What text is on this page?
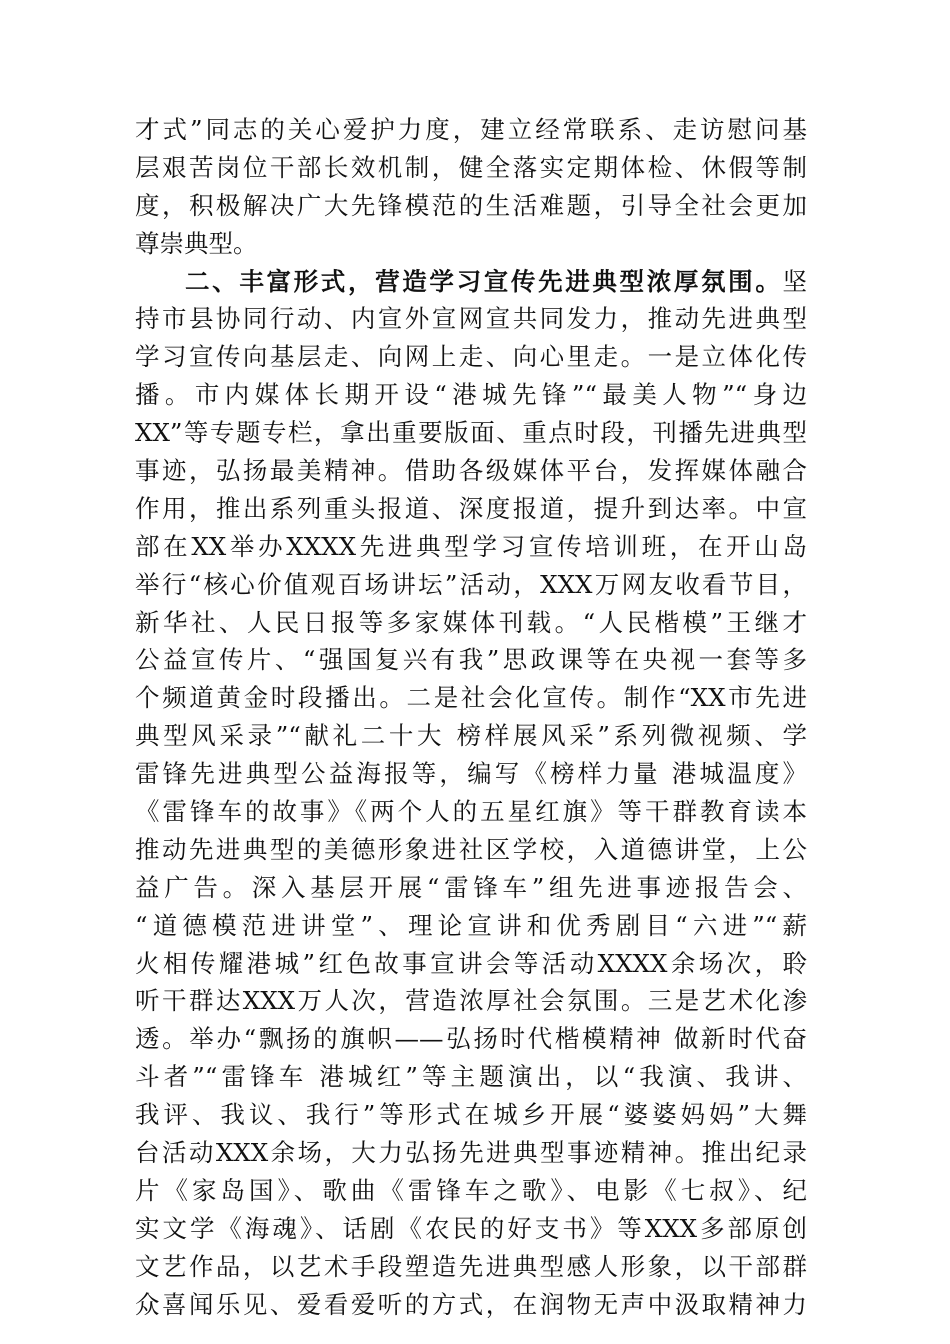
才式”同志的关心爱护力度，建立经常联系、走访慰问基
层艰苦岗位干部长效机制，健全落实定期体检、休假等制
度，积极解决广大先锋模范的生活难题，引导全社会更加
尊崇典型。
二、丰富形式，营造学习宣传先进典型浓厚氛围。坚
持市县协同行动、内宣外宣网宣共同发力，推动先进典型
学习宣传向基层走、向网上走、向心里走。一是立体化传
播。市内媒体长期开设“港城先锋”“最美人物”“身边
XX”等专题专栏，拿出重要版面、重点时段，刊播先进典型
事迹，弘扬最美精神。借助各级媒体平台，发挥媒体融合
作用，推出系列重头报道、深度报道，提升到达率。中宣
部在XX举办XXXX先进典型学习宣传培训班，在开山岛
举行“核心价值观百场讲坛”活动，XXX万网友收看节目，
新华社、人民日报等多家媒体刊载。“人民楷模”王继才
公益宣传片、“强国复兴有我”思政课等在央视一套等多
个频道黄金时段播出。二是社会化宣传。制作“XX市先进
典型风采录”“献礼二十大 榜样展风采”系列微视频、学
雷锋先进典型公益海报等，编写《榜样力量 港城温度》
《雷锋车的故事》《两个人的五星红旗》等干群教育读本
推动先进典型的美德形象进社区学校，入道德讲堂，上公
益广告。深入基层开展“雷锋车”组先进事迹报告会、
“道德模范进讲堂”、理论宣讲和优秀剧目“六进”“薪
火相传耀港城”红色故事宣讲会等活动XXXX余场次，聆
听干群达XXX万人次，营造浓厚社会氛围。三是艺术化渗
透。举办“飘扬的旗帜——弘扬时代楷模精神 做新时代奋
斗者”“雷锋车 港城红”等主题演出，以“我演、我讲、
我评、我议、我行”等形式在城乡开展“婆婆妈妈”大舞
台活动XXX余场，大力弘扬先进典型事迹精神。推出纪录
片《家岛国》、歌曲《雷锋车之歌》、电影《七叔》、纪
实文学《海魂》、话剧《农民的好支书》等XXX多部原创
文艺作品，以艺术手段塑造先进典型感人形象，以干部群
众喜闻乐见、爱看爱听的方式，在润物无声中汲取精神力
